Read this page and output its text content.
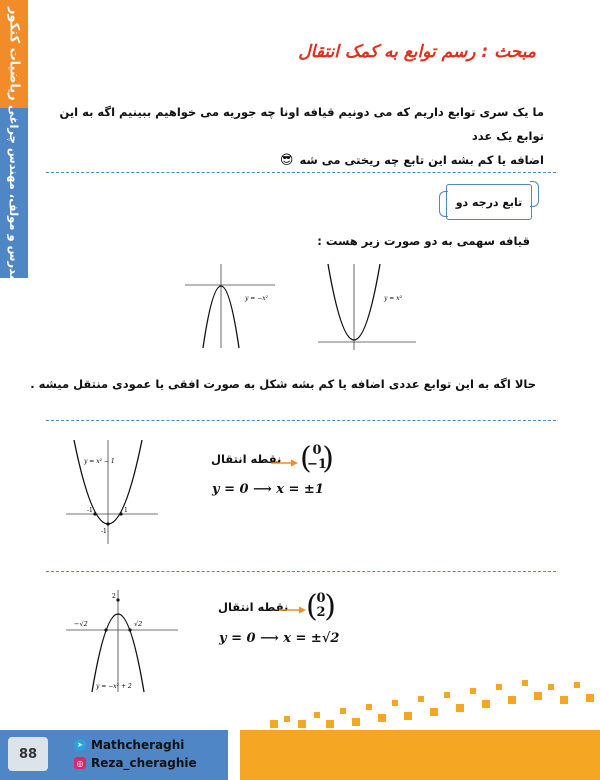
ریاضیات کنکور
مدرس و مولف، مهندس چراغی
مبحث : رسم توابع به کمک انتقال
ما یک سری توابع داریم که می دونیم قیافه اونا چه جوریه می خواهیم ببینیم اگه به این توابع یک عدد
اضافه یا کم بشه این تابع چه ریختی می شه 😎
تابع درجه دو
قیافه سهمی به دو صورت زیر هست :
y = −x²	y = x²
حالا اگه به این توابع عددی اضافه یا کم بشه شکل به صورت افقی یا عمودی منتقل میشه .
y = x² − 1
-1	1
-1
نقطه انتقال ( 0
−1
)
y = 0 ⟶ x = ±1
−√2	√2
2
y = −x² + 2
نقطه انتقال (
0
2
)
y = 0 ⟶ x = ±√2
88
➤ Mathcheraghi
◎ Reza_cheraghie
